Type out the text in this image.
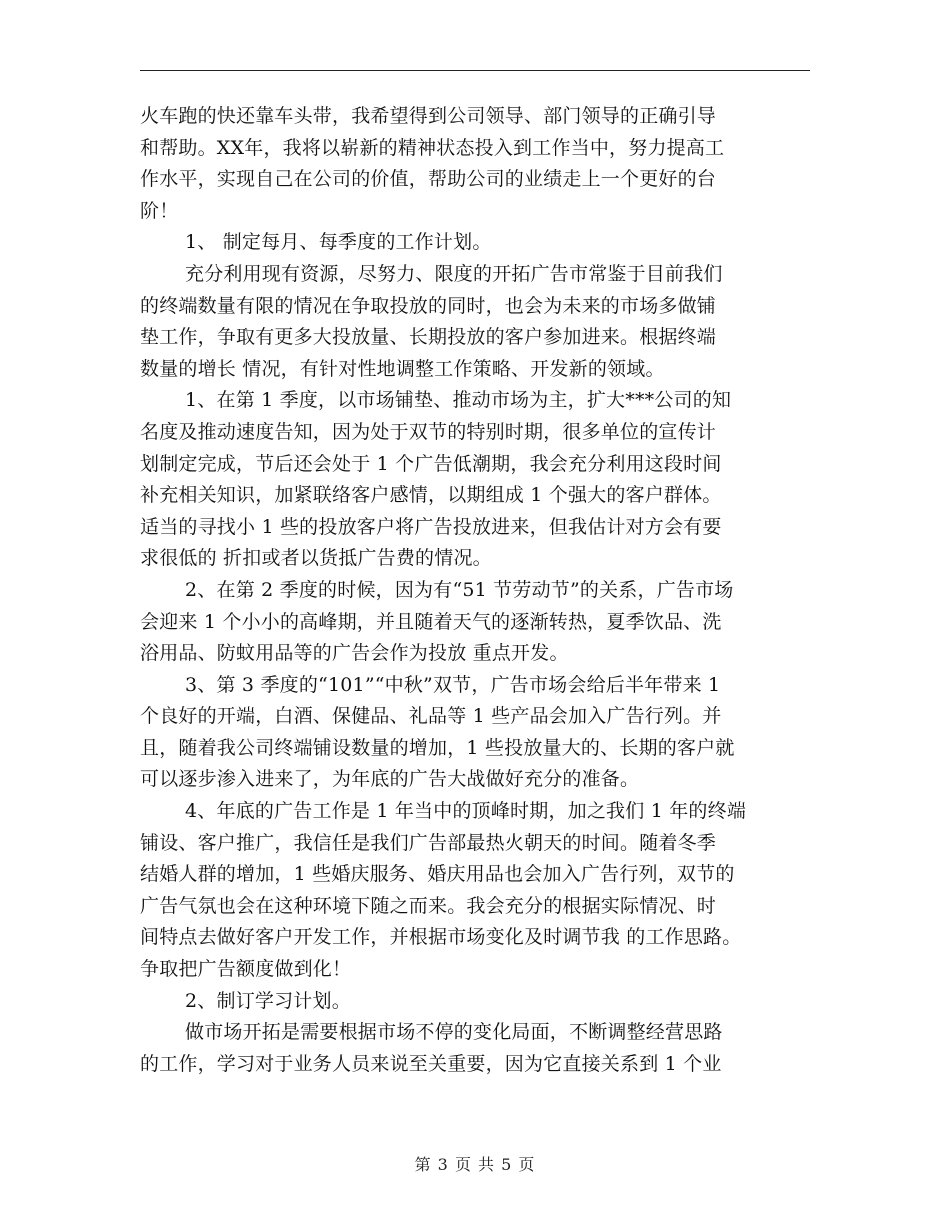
火车跑的快还靠车头带，我希望得到公司领导、部门领导的正确引导
和帮助。XX年，我将以崭新的精神状态投入到工作当中，努力提高工
作水平，实现自己在公司的价值，帮助公司的业绩走上一个更好的台
阶！
1、 制定每月、每季度的工作计划。
充分利用现有资源，尽努力、限度的开拓广告市常鉴于目前我们
的终端数量有限的情况在争取投放的同时，也会为未来的市场多做铺
垫工作，争取有更多大投放量、长期投放的客户参加进来。根据终端
数量的增长 情况，有针对性地调整工作策略、开发新的领域。
1、在第 1 季度，以市场铺垫、推动市场为主，扩大***公司的知
名度及推动速度告知，因为处于双节的特别时期，很多单位的宣传计
划制定完成，节后还会处于 1 个广告低潮期，我会充分利用这段时间
补充相关知识，加紧联络客户感情，以期组成 1 个强大的客户群体。
适当的寻找小 1 些的投放客户将广告投放进来，但我估计对方会有要
求很低的 折扣或者以货抵广告费的情况。
2、在第 2 季度的时候，因为有“51 节劳动节”的关系，广告市场
会迎来 1 个小小的高峰期，并且随着天气的逐渐转热，夏季饮品、洗
浴用品、防蚊用品等的广告会作为投放 重点开发。
3、第 3 季度的“101”“中秋”双节，广告市场会给后半年带来 1
个良好的开端，白酒、保健品、礼品等 1 些产品会加入广告行列。并
且，随着我公司终端铺设数量的增加，1 些投放量大的、长期的客户就
可以逐步渗入进来了，为年底的广告大战做好充分的准备。
4、年底的广告工作是 1 年当中的顶峰时期，加之我们 1 年的终端
铺设、客户推广，我信任是我们广告部最热火朝天的时间。随着冬季
结婚人群的增加，1 些婚庆服务、婚庆用品也会加入广告行列，双节的
广告气氛也会在这种环境下随之而来。我会充分的根据实际情况、时
间特点去做好客户开发工作，并根据市场变化及时调节我 的工作思路。
争取把广告额度做到化！
2、制订学习计划。
做市场开拓是需要根据市场不停的变化局面，不断调整经营思路
的工作，学习对于业务人员来说至关重要，因为它直接关系到 1 个业
第 3 页 共 5 页
